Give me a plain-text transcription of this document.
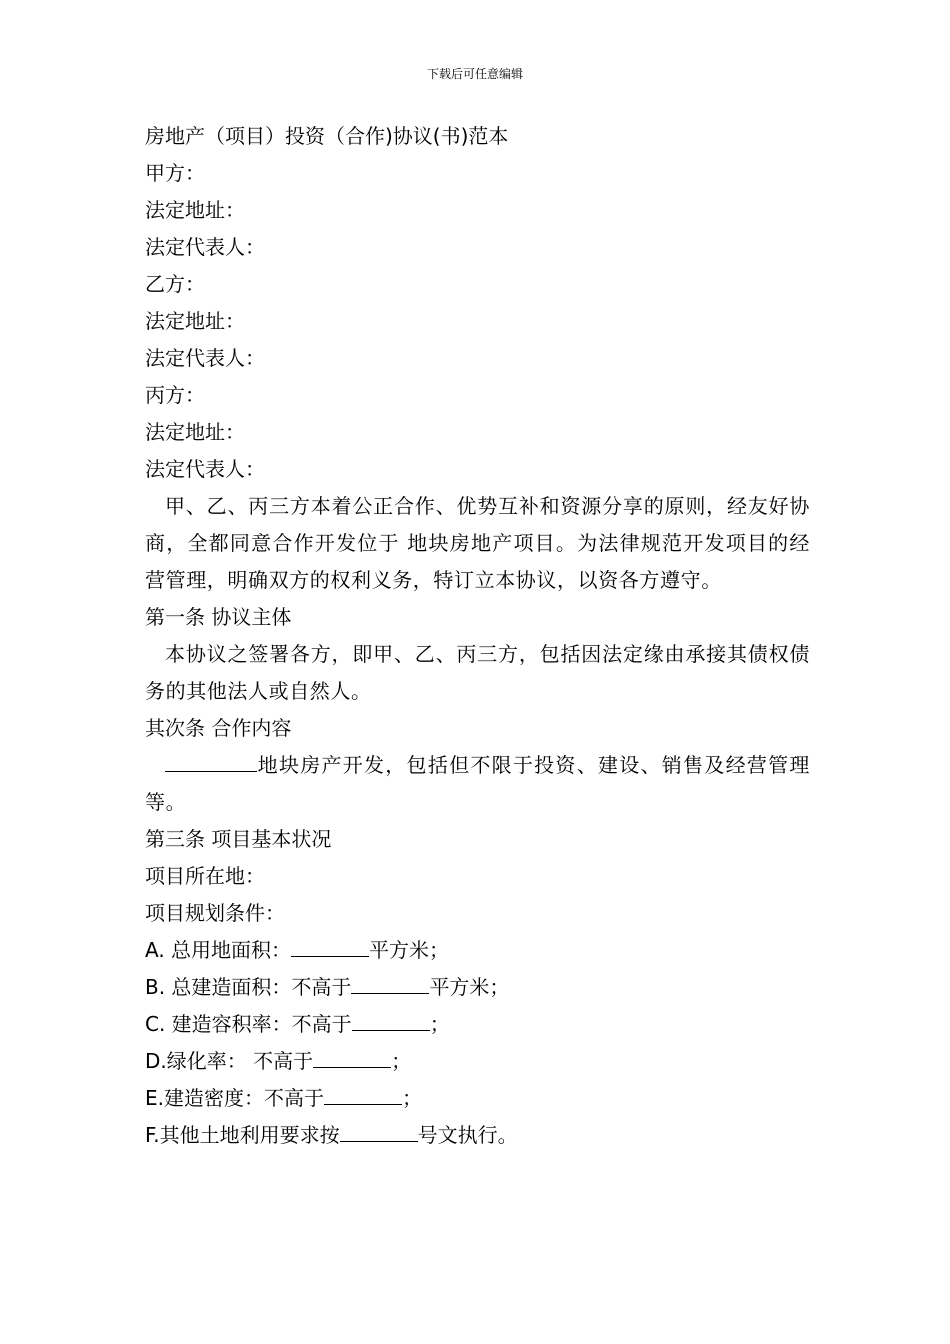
下载后可任意编辑

房地产（项目）投资（合作)协议(书)范本

甲方：

法定地址：

法定代表人：

乙方：

法定地址：

法定代表人：

丙方：

法定地址：

法定代表人：

甲、乙、丙三方本着公正合作、优势互补和资源分享的原则，经友好协商，全都同意合作开发位于 地块房地产项目。为法律规范开发项目的经营管理，明确双方的权利义务，特订立本协议，以资各方遵守。

第一条 协议主体

本协议之签署各方，即甲、乙、丙三方，包括因法定缘由承接其债权债务的其他法人或自然人。

其次条 合作内容

地块房产开发，包括但不限于投资、建设、销售及经营管理等。

第三条 项目基本状况

项目所在地：

项目规划条件：

A. 总用地面积：	平方米；

B. 总建造面积：不高于	平方米；

C. 建造容积率：不高于	；

D.绿化率： 不高于	；

E.建造密度：不高于	；

F.其他土地利用要求按	号文执行。
